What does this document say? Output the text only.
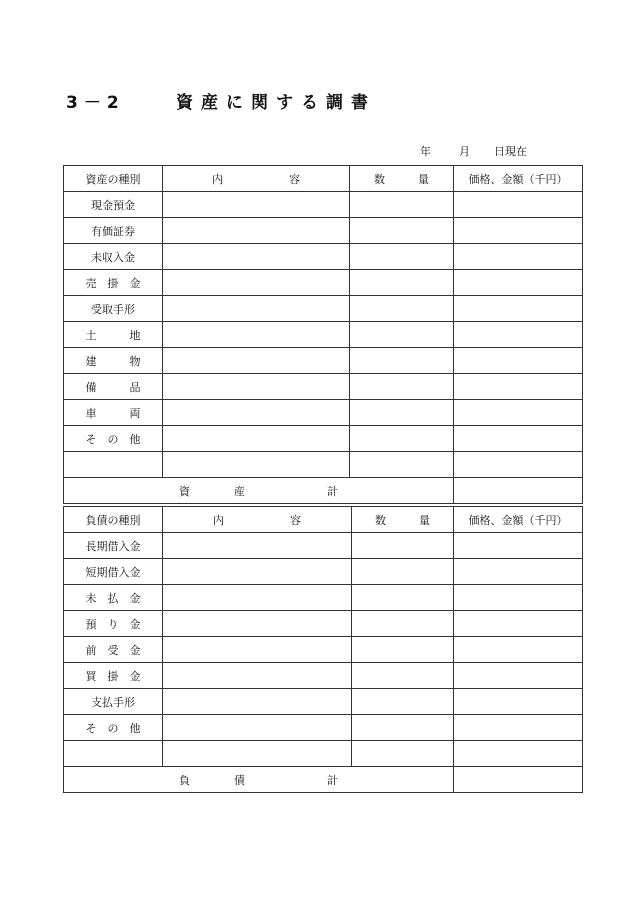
3－2	資産に関する調書
年	月 日現在
資産の種別	内　　　　　　容	数　　　量	価格、金額（千円）
現金預金			
有価証券			
未収入金			
売　掛　金			
受取手形			
土　　　地			
建　　　物			
備　　　品			
車　　　両			
そ　の　他			

資 産 計			
負債の種別	内　　　　　　容	数　　　量	価格、金額（千円）
長期借入金			
短期借入金			
未　払　金			
預　り　金			
前　受　金			
買　掛　金			
支払手形			
そ　の　他			

負 債 計			
